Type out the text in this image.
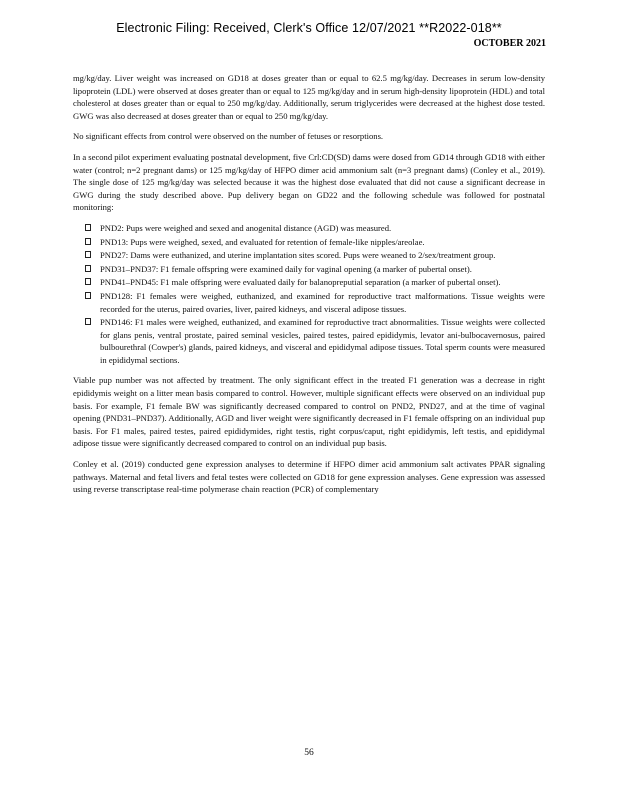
Electronic Filing: Received, Clerk's Office 12/07/2021 **R2022-018**
OCTOBER 2021

mg/kg/day. Liver weight was increased on GD18 at doses greater than or equal to 62.5 mg/kg/day. Decreases in serum low-density lipoprotein (LDL) were observed at doses greater than or equal to 125 mg/kg/day and in serum high-density lipoprotein (HDL) and total cholesterol at doses greater than or equal to 250 mg/kg/day. Additionally, serum triglycerides were decreased at the highest dose tested. GWG was also decreased at doses greater than or equal to 250 mg/kg/day.

No significant effects from control were observed on the number of fetuses or resorptions.

In a second pilot experiment evaluating postnatal development, five Crl:CD(SD) dams were dosed from GD14 through GD18 with either water (control; n=2 pregnant dams) or 125 mg/kg/day of HFPO dimer acid ammonium salt (n=3 pregnant dams) (Conley et al., 2019). The single dose of 125 mg/kg/day was selected because it was the highest dose evaluated that did not cause a significant decrease in GWG during the study described above. Pup delivery began on GD22 and the following schedule was followed for postnatal monitoring:

PND2: Pups were weighed and sexed and anogenital distance (AGD) was measured.
PND13: Pups were weighed, sexed, and evaluated for retention of female-like nipples/areolae.
PND27: Dams were euthanized, and uterine implantation sites scored. Pups were weaned to 2/sex/treatment group.
PND31–PND37: F1 female offspring were examined daily for vaginal opening (a marker of pubertal onset).
PND41–PND45: F1 male offspring were evaluated daily for balanopreputial separation (a marker of pubertal onset).
PND128: F1 females were weighed, euthanized, and examined for reproductive tract malformations. Tissue weights were recorded for the uterus, paired ovaries, liver, paired kidneys, and visceral adipose tissues.
PND146: F1 males were weighed, euthanized, and examined for reproductive tract abnormalities. Tissue weights were collected for glans penis, ventral prostate, paired seminal vesicles, paired testes, paired epididymis, levator ani-bulbocavernosus, paired bulbourethral (Cowper's) glands, paired kidneys, and visceral and epididymal adipose tissues. Total sperm counts were measured in epididymal sections.

Viable pup number was not affected by treatment. The only significant effect in the treated F1 generation was a decrease in right epididymis weight on a litter mean basis compared to control. However, multiple significant effects were observed on an individual pup basis. For example, F1 female BW was significantly decreased compared to control on PND2, PND27, and at the time of vaginal opening (PND31–PND37). Additionally, AGD and liver weight were significantly decreased in F1 female offspring on an individual pup basis. For F1 males, paired testes, paired epididymides, right testis, right corpus/caput, right epididymis, left testis, and epididymal adipose tissue were significantly decreased compared to control on an individual pup basis.

Conley et al. (2019) conducted gene expression analyses to determine if HFPO dimer acid ammonium salt activates PPAR signaling pathways. Maternal and fetal livers and fetal testes were collected on GD18 for gene expression analyses. Gene expression was assessed using reverse transcriptase real-time polymerase chain reaction (PCR) of complementary

56
